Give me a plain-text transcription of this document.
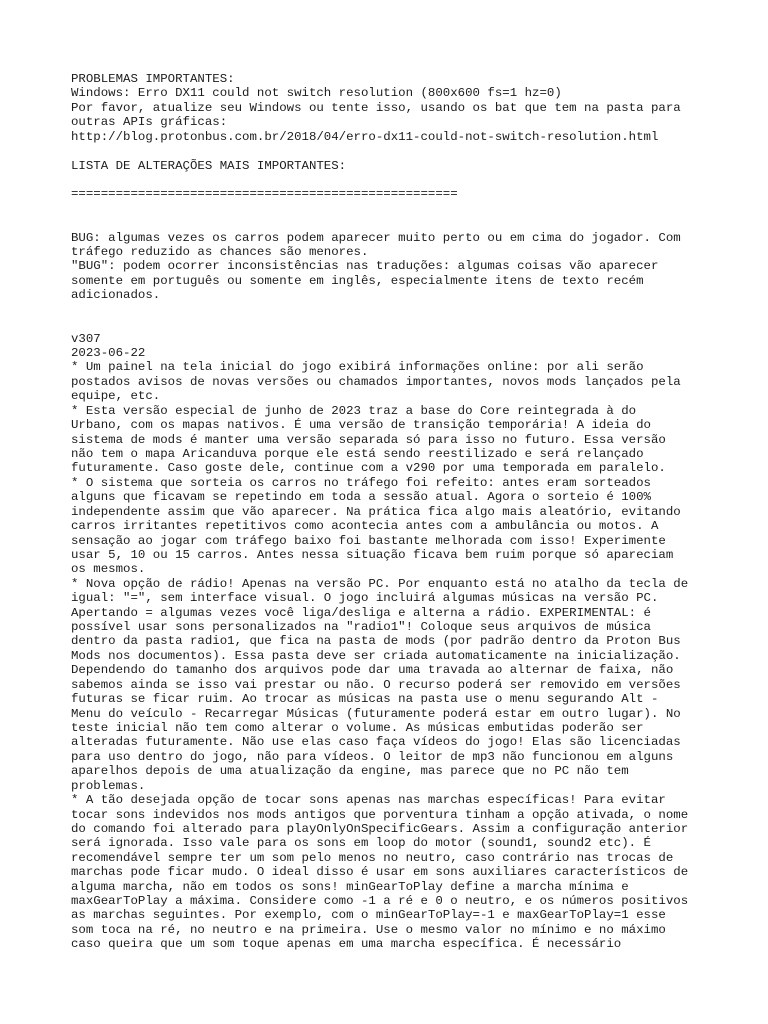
PROBLEMAS IMPORTANTES:
Windows: Erro DX11 could not switch resolution (800x600 fs=1 hz=0)
Por favor, atualize seu Windows ou tente isso, usando os bat que tem na pasta para
outras APIs gráficas:
http://blog.protonbus.com.br/2018/04/erro-dx11-could-not-switch-resolution.html
LISTA DE ALTERAÇÕES MAIS IMPORTANTES:
====================================================
BUG: algumas vezes os carros podem aparecer muito perto ou em cima do jogador. Com
tráfego reduzido as chances são menores.
"BUG": podem ocorrer inconsistências nas traduções: algumas coisas vão aparecer
somente em português ou somente em inglês, especialmente itens de texto recém
adicionados.
v307
2023-06-22
* Um painel na tela inicial do jogo exibirá informações online: por ali serão
postados avisos de novas versões ou chamados importantes, novos mods lançados pela
equipe, etc.
* Esta versão especial de junho de 2023 traz a base do Core reintegrada à do
Urbano, com os mapas nativos. É uma versão de transição temporária! A ideia do
sistema de mods é manter uma versão separada só para isso no futuro. Essa versão
não tem o mapa Aricanduva porque ele está sendo reestilizado e será relançado
futuramente. Caso goste dele, continue com a v290 por uma temporada em paralelo.
* O sistema que sorteia os carros no tráfego foi refeito: antes eram sorteados
alguns que ficavam se repetindo em toda a sessão atual. Agora o sorteio é 100%
independente assim que vão aparecer. Na prática fica algo mais aleatório, evitando
carros irritantes repetitivos como acontecia antes com a ambulância ou motos. A
sensação ao jogar com tráfego baixo foi bastante melhorada com isso! Experimente
usar 5, 10 ou 15 carros. Antes nessa situação ficava bem ruim porque só apareciam
os mesmos.
* Nova opção de rádio! Apenas na versão PC. Por enquanto está no atalho da tecla de
igual: "=", sem interface visual. O jogo incluirá algumas músicas na versão PC.
Apertando = algumas vezes você liga/desliga e alterna a rádio. EXPERIMENTAL: é
possível usar sons personalizados na "radio1"! Coloque seus arquivos de música
dentro da pasta radio1, que fica na pasta de mods (por padrão dentro da Proton Bus
Mods nos documentos). Essa pasta deve ser criada automaticamente na inicialização.
Dependendo do tamanho dos arquivos pode dar uma travada ao alternar de faixa, não
sabemos ainda se isso vai prestar ou não. O recurso poderá ser removido em versões
futuras se ficar ruim. Ao trocar as músicas na pasta use o menu segurando Alt -
Menu do veículo - Recarregar Músicas (futuramente poderá estar em outro lugar). No
teste inicial não tem como alterar o volume. As músicas embutidas poderão ser
alteradas futuramente. Não use elas caso faça vídeos do jogo! Elas são licenciadas
para uso dentro do jogo, não para vídeos. O leitor de mp3 não funcionou em alguns
aparelhos depois de uma atualização da engine, mas parece que no PC não tem
problemas.
* A tão desejada opção de tocar sons apenas nas marchas específicas! Para evitar
tocar sons indevidos nos mods antigos que porventura tinham a opção ativada, o nome
do comando foi alterado para playOnlyOnSpecificGears. Assim a configuração anterior
será ignorada. Isso vale para os sons em loop do motor (sound1, sound2 etc). É
recomendável sempre ter um som pelo menos no neutro, caso contrário nas trocas de
marchas pode ficar mudo. O ideal disso é usar em sons auxiliares característicos de
alguma marcha, não em todos os sons! minGearToPlay define a marcha mínima e
maxGearToPlay a máxima. Considere como -1 a ré e 0 o neutro, e os números positivos
as marchas seguintes. Por exemplo, com o minGearToPlay=-1 e maxGearToPlay=1 esse
som toca na ré, no neutro e na primeira. Use o mesmo valor no mínimo e no máximo
caso queira que um som toque apenas em uma marcha específica. É necessário
